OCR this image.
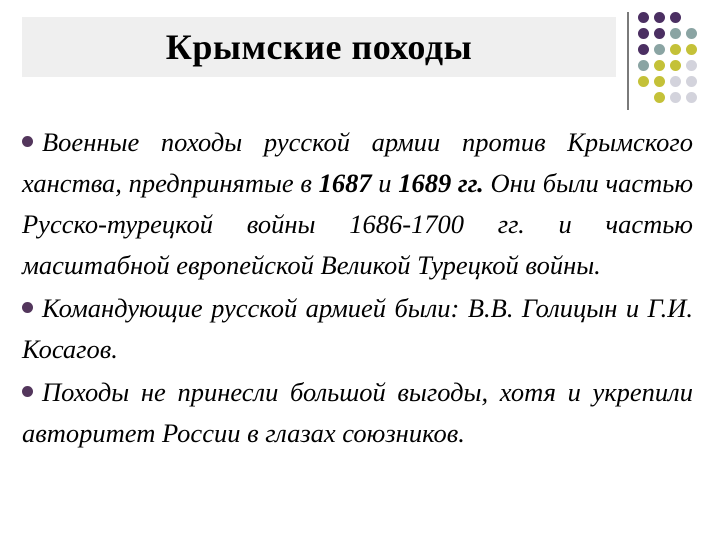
Крымские походы

Военные походы русской армии против Крымского ханства, предпринятые в 1687 и 1689 гг. Они были частью Русско-турецкой войны 1686-1700 гг. и частью масштабной европейской Великой Турецкой войны.

Командующие русской армией были: В.В. Голицын и Г.И. Косагов.

Походы не принесли большой выгоды, хотя и укрепили авторитет России в глазах союзников.
